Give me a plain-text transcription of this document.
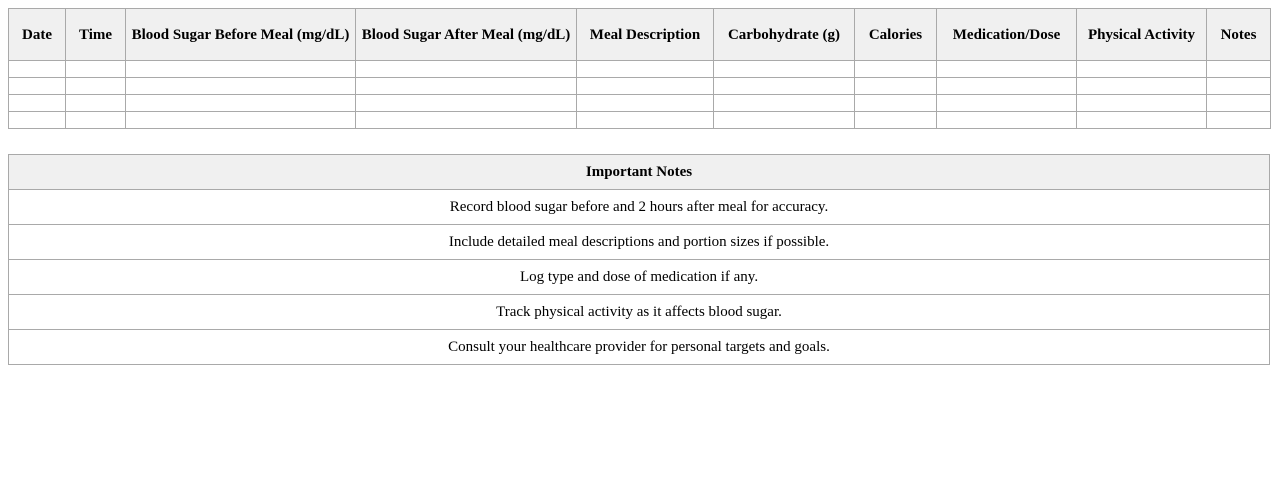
Date	Time	Blood Sugar Before Meal (mg/dL)	Blood Sugar After Meal (mg/dL)	Meal Description	Carbohydrate (g)	Calories	Medication/Dose	Physical Activity	Notes

Important Notes
Record blood sugar before and 2 hours after meal for accuracy.
Include detailed meal descriptions and portion sizes if possible.
Log type and dose of medication if any.
Track physical activity as it affects blood sugar.
Consult your healthcare provider for personal targets and goals.
